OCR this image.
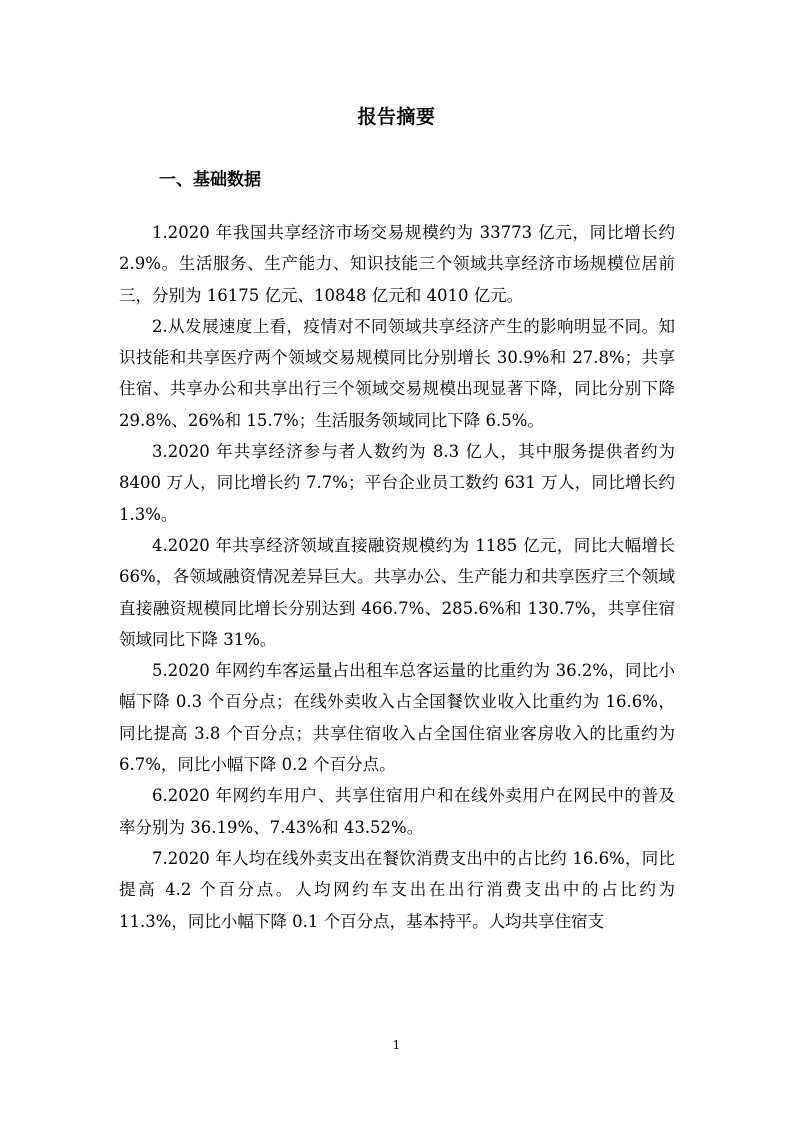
报告摘要
一、基础数据

1.2020 年我国共享经济市场交易规模约为 33773 亿元，同比增长约 2.9%。生活服务、生产能力、知识技能三个领域共享经济市场规模位居前三，分别为 16175 亿元、10848 亿元和 4010 亿元。

2.从发展速度上看，疫情对不同领域共享经济产生的影响明显不同。知识技能和共享医疗两个领域交易规模同比分别增长 30.9%和 27.8%；共享住宿、共享办公和共享出行三个领域交易规模出现显著下降，同比分别下降 29.8%、26%和 15.7%；生活服务领域同比下降 6.5%。

3.2020 年共享经济参与者人数约为 8.3 亿人，其中服务提供者约为 8400 万人，同比增长约 7.7%；平台企业员工数约 631 万人，同比增长约 1.3%。

4.2020 年共享经济领域直接融资规模约为 1185 亿元，同比大幅增长 66%，各领域融资情况差异巨大。共享办公、生产能力和共享医疗三个领域直接融资规模同比增长分别达到 466.7%、285.6%和 130.7%，共享住宿领域同比下降 31%。

5.2020 年网约车客运量占出租车总客运量的比重约为 36.2%，同比小幅下降 0.3 个百分点；在线外卖收入占全国餐饮业收入比重约为 16.6%，同比提高 3.8 个百分点；共享住宿收入占全国住宿业客房收入的比重约为 6.7%，同比小幅下降 0.2 个百分点。

6.2020 年网约车用户、共享住宿用户和在线外卖用户在网民中的普及率分别为 36.19%、7.43%和 43.52%。

7.2020 年人均在线外卖支出在餐饮消费支出中的占比约 16.6%，同比提高 4.2 个百分点。人均网约车支出在出行消费支出中的占比约为 11.3%，同比小幅下降 0.1 个百分点，基本持平。人均共享住宿支

1
